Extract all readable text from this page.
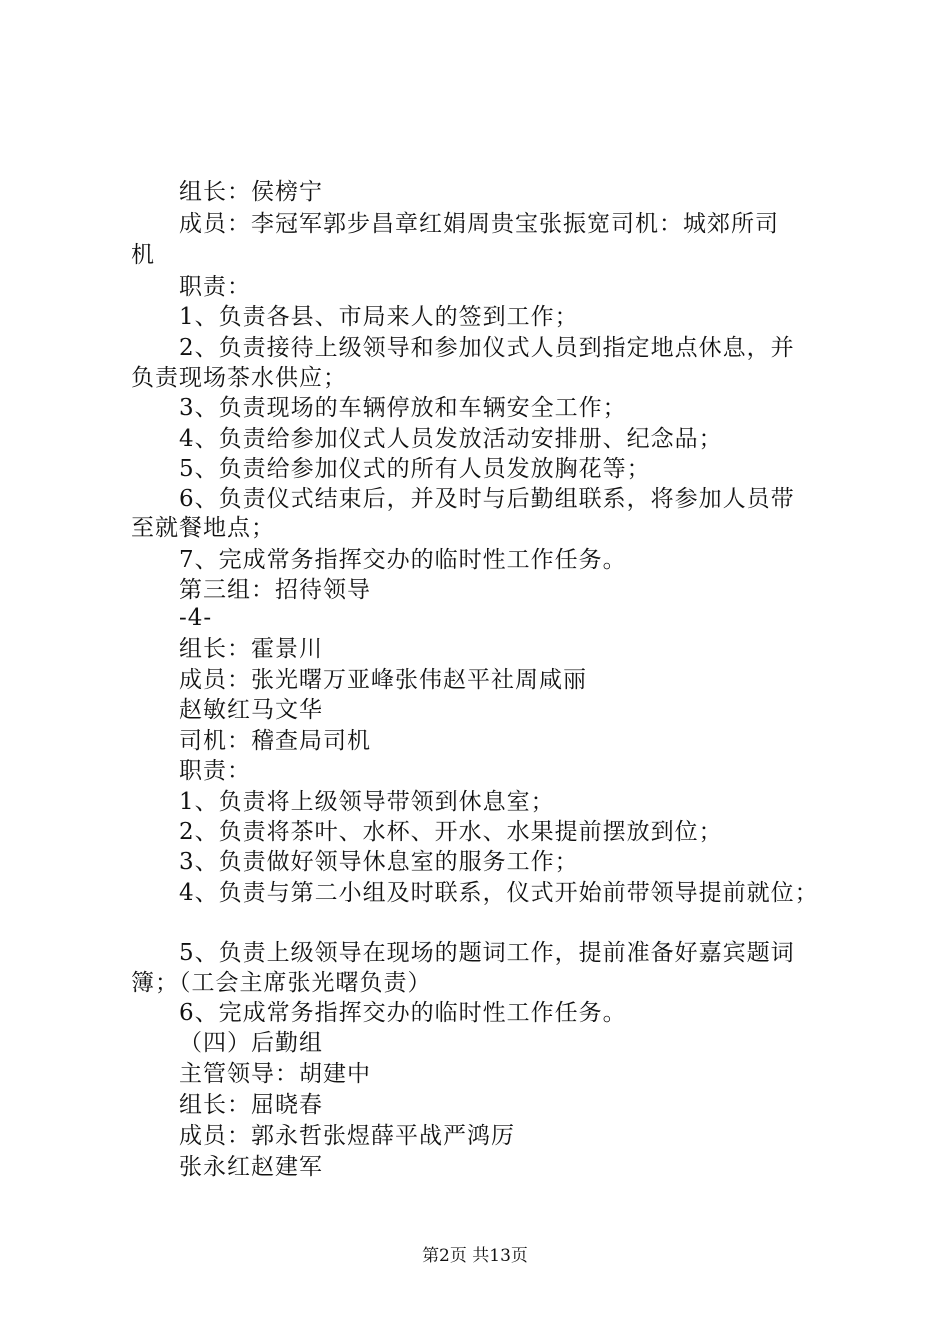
组长：侯榜宁
成员：李冠军郭步昌章红娟周贵宝张振宽司机：城郊所司
机
职责：
1、负责各县、市局来人的签到工作；
2、负责接待上级领导和参加仪式人员到指定地点休息，并
负责现场茶水供应；
3、负责现场的车辆停放和车辆安全工作；
4、负责给参加仪式人员发放活动安排册、纪念品；
5、负责给参加仪式的所有人员发放胸花等；
6、负责仪式结束后，并及时与后勤组联系，将参加人员带
至就餐地点；
7、完成常务指挥交办的临时性工作任务。
第三组：招待领导
-4-
组长：霍景川
成员：张光曙万亚峰张伟赵平社周咸丽
赵敏红马文华
司机：稽查局司机
职责：
1、负责将上级领导带领到休息室；
2、负责将茶叶、水杯、开水、水果提前摆放到位；
3、负责做好领导休息室的服务工作；
4、负责与第二小组及时联系，仪式开始前带领导提前就位；
5、负责上级领导在现场的题词工作，提前准备好嘉宾题词
簿；（工会主席张光曙负责）
6、完成常务指挥交办的临时性工作任务。
（四）后勤组
主管领导：胡建中
组长：屈晓春
成员：郭永哲张煜薛平战严鸿厉
张永红赵建军
第2页 共13页
